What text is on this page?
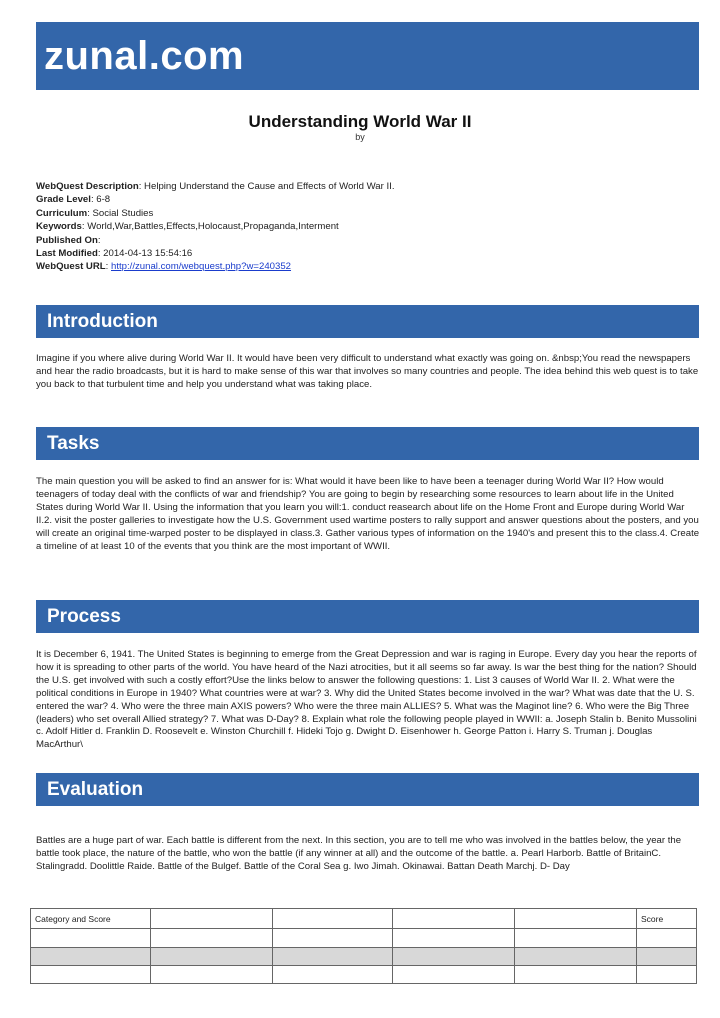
zunal.com
Understanding World War II
by
WebQuest Description: Helping Understand the Cause and Effects of World War II.
Grade Level: 6-8
Curriculum: Social Studies
Keywords: World,War,Battles,Effects,Holocaust,Propaganda,Interment
Published On:
Last Modified: 2014-04-13 15:54:16
WebQuest URL: http://zunal.com/webquest.php?w=240352
Introduction
Imagine if you where alive during World War II. It would have been very difficult to understand what exactly was going on. &nbsp;You read the newspapers and hear the radio broadcasts, but it is hard to make sense of this war that involves so many countries and people. The idea behind this web quest is to take you back to that turbulent time and help you understand what was taking place.
Tasks
The main question you will be asked to find an answer for is: What would it have been like to have been a teenager during World War II? How would teenagers of today deal with the conflicts of war and friendship? You are going to begin by researching some resources to learn about life in the United States during World War II. Using the information that you learn you will:1. conduct reasearch about life on the Home Front and Europe during World War II.2. visit the poster galleries to investigate how the U.S. Government used wartime posters to rally support and answer questions about the posters, and you will create an original time-warped poster to be displayed in class.3. Gather various types of information on the 1940's and present this to the class.4. Create a timeline of at least 10 of the events that you think are the most important of WWII.
Process
It is December 6, 1941. The United States is beginning to emerge from the Great Depression and war is raging in Europe. Every day you hear the reports of how it is spreading to other parts of the world. You have heard of the Nazi atrocities, but it all seems so far away. Is war the best thing for the nation? Should the U.S. get involved with such a costly effort?Use the links below to answer the following questions: 1. List 3 causes of World War II. 2. What were the political conditions in Europe in 1940? What countries were at war? 3. Why did the United States become involved in the war? What was date that the U. S. entered the war? 4. Who were the three main AXIS powers? Who were the three main ALLIES? 5. What was the Maginot line? 6. Who were the Big Three (leaders) who set overall Allied strategy? 7. What was D-Day? 8. Explain what role the following people played in WWII: a. Joseph Stalin b. Benito Mussolini c. Adolf Hitler d. Franklin D. Roosevelt e. Winston Churchill f. Hideki Tojo g. Dwight D. Eisenhower h. George Patton i. Harry S. Truman j. Douglas MacArthur\
Evaluation
Battles are a huge part of war. Each battle is different from the next. In this section, you are to tell me who was involved in the battles below, the year the battle took place, the nature of the battle, who won the battle (if any winner at all) and the outcome of the battle. a. Pearl Harborb. Battle of BritainC. Stalingradd. Doolittle Raide. Battle of the Bulgef. Battle of the Coral Sea g. Iwo Jimah. Okinawai. Battan Death Marchj. D- Day
Category and Score					Score
